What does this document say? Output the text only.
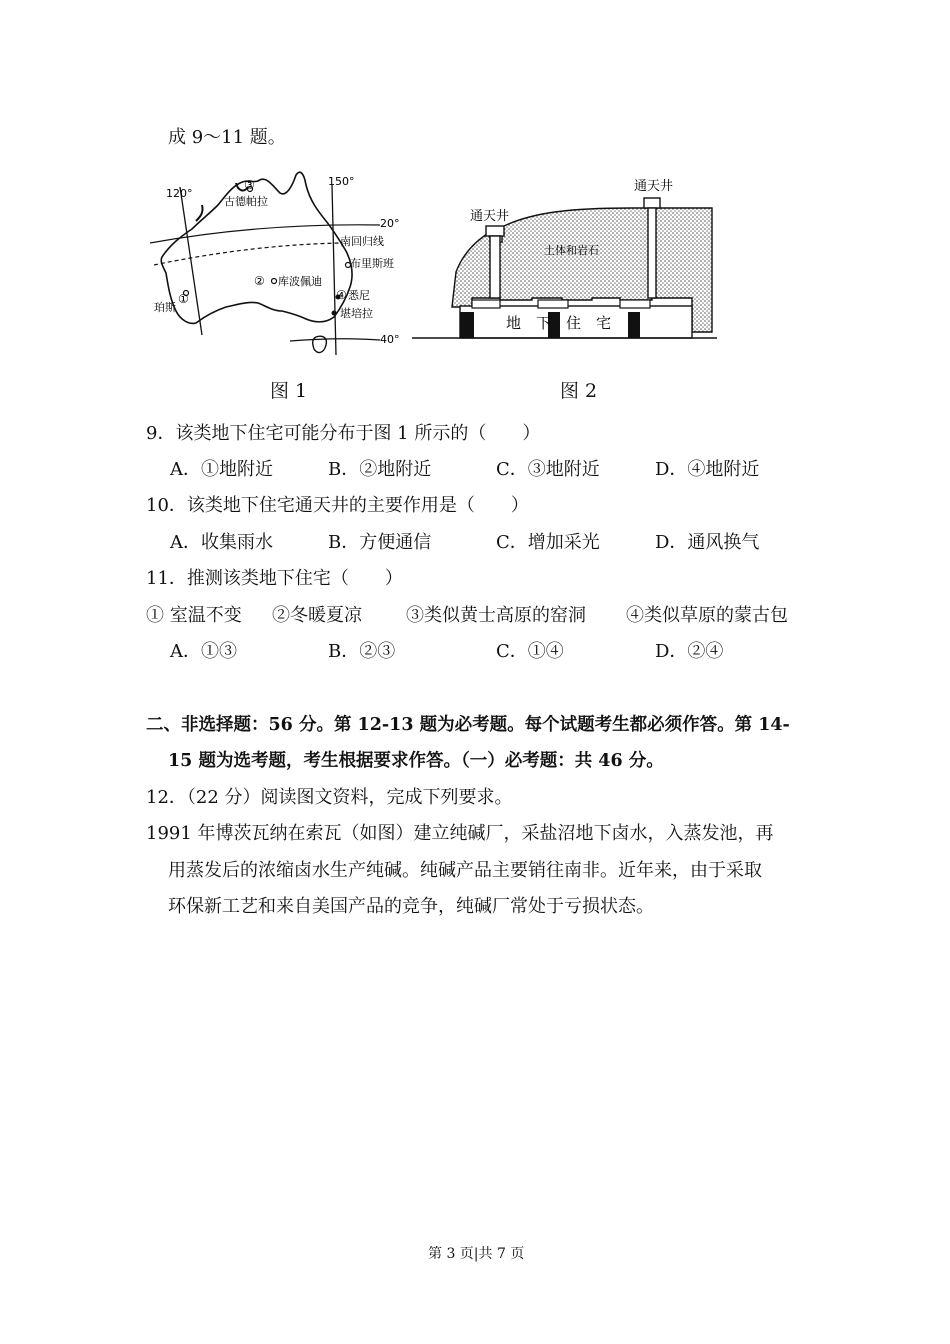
成 9～11 题。
120°
150°
20°
40°
南回归线
①
珀斯
③
古德帕拉
② 库波佩迪
布里斯班
④ 悉尼
堪培拉
图 1
通天井
通天井
土体和岩石
地　下　住　宅
图 2
9．该类地下住宅可能分布于图 1 所示的（　　）
A．①地附近	B．②地附近	C．③地附近	D．④地附近
10．该类地下住宅通天井的主要作用是（　　）
A．收集雨水	B．方便通信	C．增加采光	D．通风换气
11．推测该类地下住宅（　　）
① 室温不变 ②冬暖夏凉 ③类似黄士高原的窑洞 ④类似草原的蒙古包
A．①③	B．②③	C．①④	D．②④
二、非选择题：56 分。第 12-13 题为必考题。每个试题考生都必须作答。第 14-
15 题为选考题，考生根据要求作答。（一）必考题：共 46 分。
12．（22 分）阅读图文资料，完成下列要求。
1991 年博茨瓦纳在索瓦（如图）建立纯碱厂，采盐沼地下卤水，入蒸发池，再
用蒸发后的浓缩卤水生产纯碱。纯碱产品主要销往南非。近年来，由于采取
环保新工艺和来自美国产品的竞争，纯碱厂常处于亏损状态。
第 3 页|共 7 页
